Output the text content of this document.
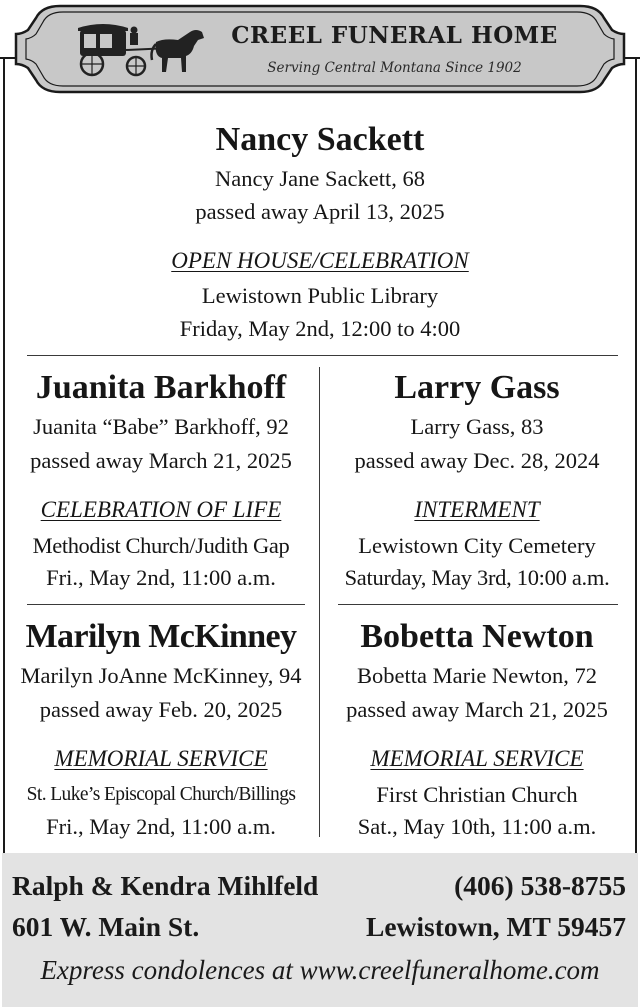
CREEL FUNERAL HOME
Serving Central Montana Since 1902
Nancy Sackett
Nancy Jane Sackett, 68
passed away April 13, 2025
OPEN HOUSE/CELEBRATION
Lewistown Public Library
Friday, May 2nd, 12:00 to 4:00
Juanita Barkhoff
Juanita “Babe” Barkhoff, 92
passed away March 21, 2025
CELEBRATION OF LIFE
Methodist Church/Judith Gap
Fri., May 2nd, 11:00 a.m.
Larry Gass
Larry Gass, 83
passed away Dec. 28, 2024
INTERMENT
Lewistown City Cemetery
Saturday, May 3rd, 10:00 a.m.
Marilyn McKinney
Marilyn JoAnne McKinney, 94
passed away Feb. 20, 2025
MEMORIAL SERVICE
St. Luke’s Episcopal Church/Billings
Fri., May 2nd, 11:00 a.m.
Bobetta Newton
Bobetta Marie Newton, 72
passed away March 21, 2025
MEMORIAL SERVICE
First Christian Church
Sat., May 10th, 11:00 a.m.
Ralph & Kendra Mihlfeld	(406) 538-8755
601 W. Main St.	Lewistown, MT 59457
Express condolences at www.creelfuneralhome.com
